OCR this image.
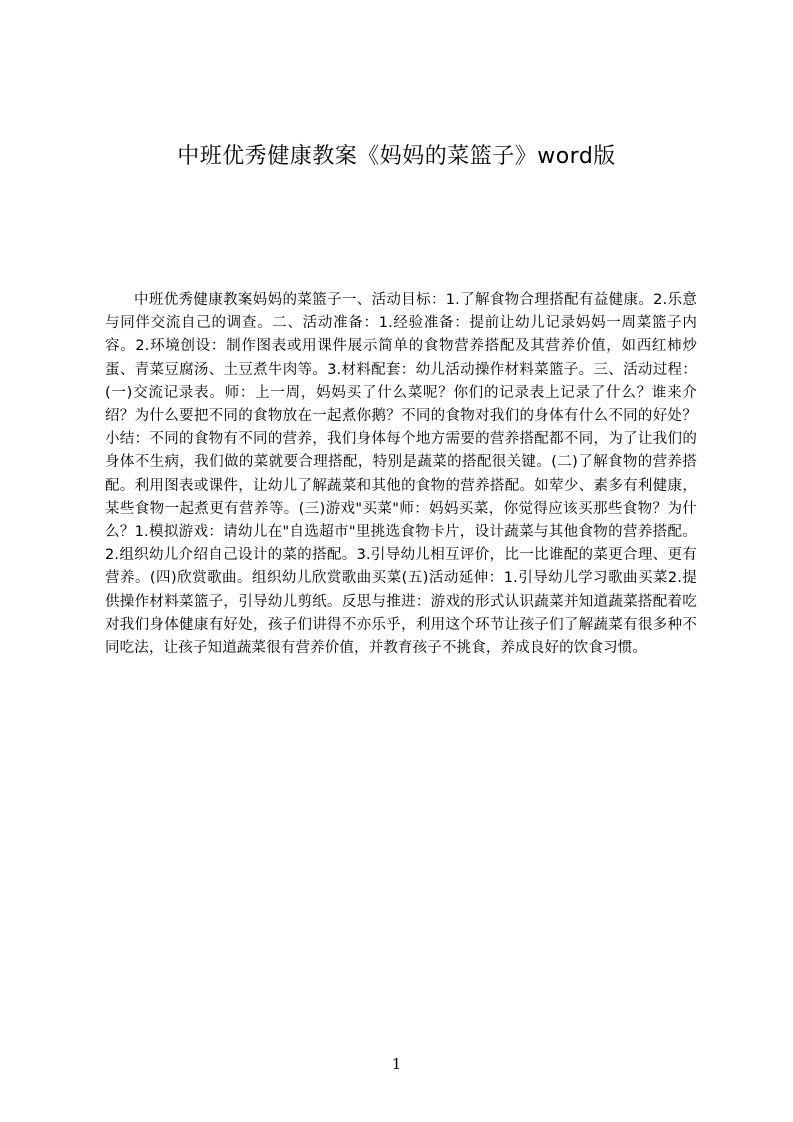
中班优秀健康教案《妈妈的菜篮子》word版

中班优秀健康教案妈妈的菜篮子一、活动目标：1.了解食物合理搭配有益健康。2.乐意与同伴交流自己的调查。二、活动准备：1.经验准备：提前让幼儿记录妈妈一周菜篮子内容。2.环境创设：制作图表或用课件展示简单的食物营养搭配及其营养价值，如西红柿炒蛋、青菜豆腐汤、土豆煮牛肉等。3.材料配套：幼儿活动操作材料菜篮子。三、活动过程：(一)交流记录表。师：上一周，妈妈买了什么菜呢？你们的记录表上记录了什么？谁来介绍？为什么要把不同的食物放在一起煮你鹅？不同的食物对我们的身体有什么不同的好处？小结：不同的食物有不同的营养，我们身体每个地方需要的营养搭配都不同，为了让我们的身体不生病，我们做的菜就要合理搭配，特别是蔬菜的搭配很关键。(二)了解食物的营养搭配。利用图表或课件，让幼儿了解蔬菜和其他的食物的营养搭配。如荤少、素多有利健康，某些食物一起煮更有营养等。(三)游戏"买菜"师：妈妈买菜，你觉得应该买那些食物？为什么？1.模拟游戏：请幼儿在"自选超市"里挑选食物卡片，设计蔬菜与其他食物的营养搭配。2.组织幼儿介绍自己设计的菜的搭配。3.引导幼儿相互评价，比一比谁配的菜更合理、更有营养。(四)欣赏歌曲。组织幼儿欣赏歌曲买菜(五)活动延伸：1.引导幼儿学习歌曲买菜2.提供操作材料菜篮子，引导幼儿剪纸。反思与推进：游戏的形式认识蔬菜并知道蔬菜搭配着吃对我们身体健康有好处，孩子们讲得不亦乐乎，利用这个环节让孩子们了解蔬菜有很多种不同吃法，让孩子知道蔬菜很有营养价值，并教育孩子不挑食，养成良好的饮食习惯。

1
